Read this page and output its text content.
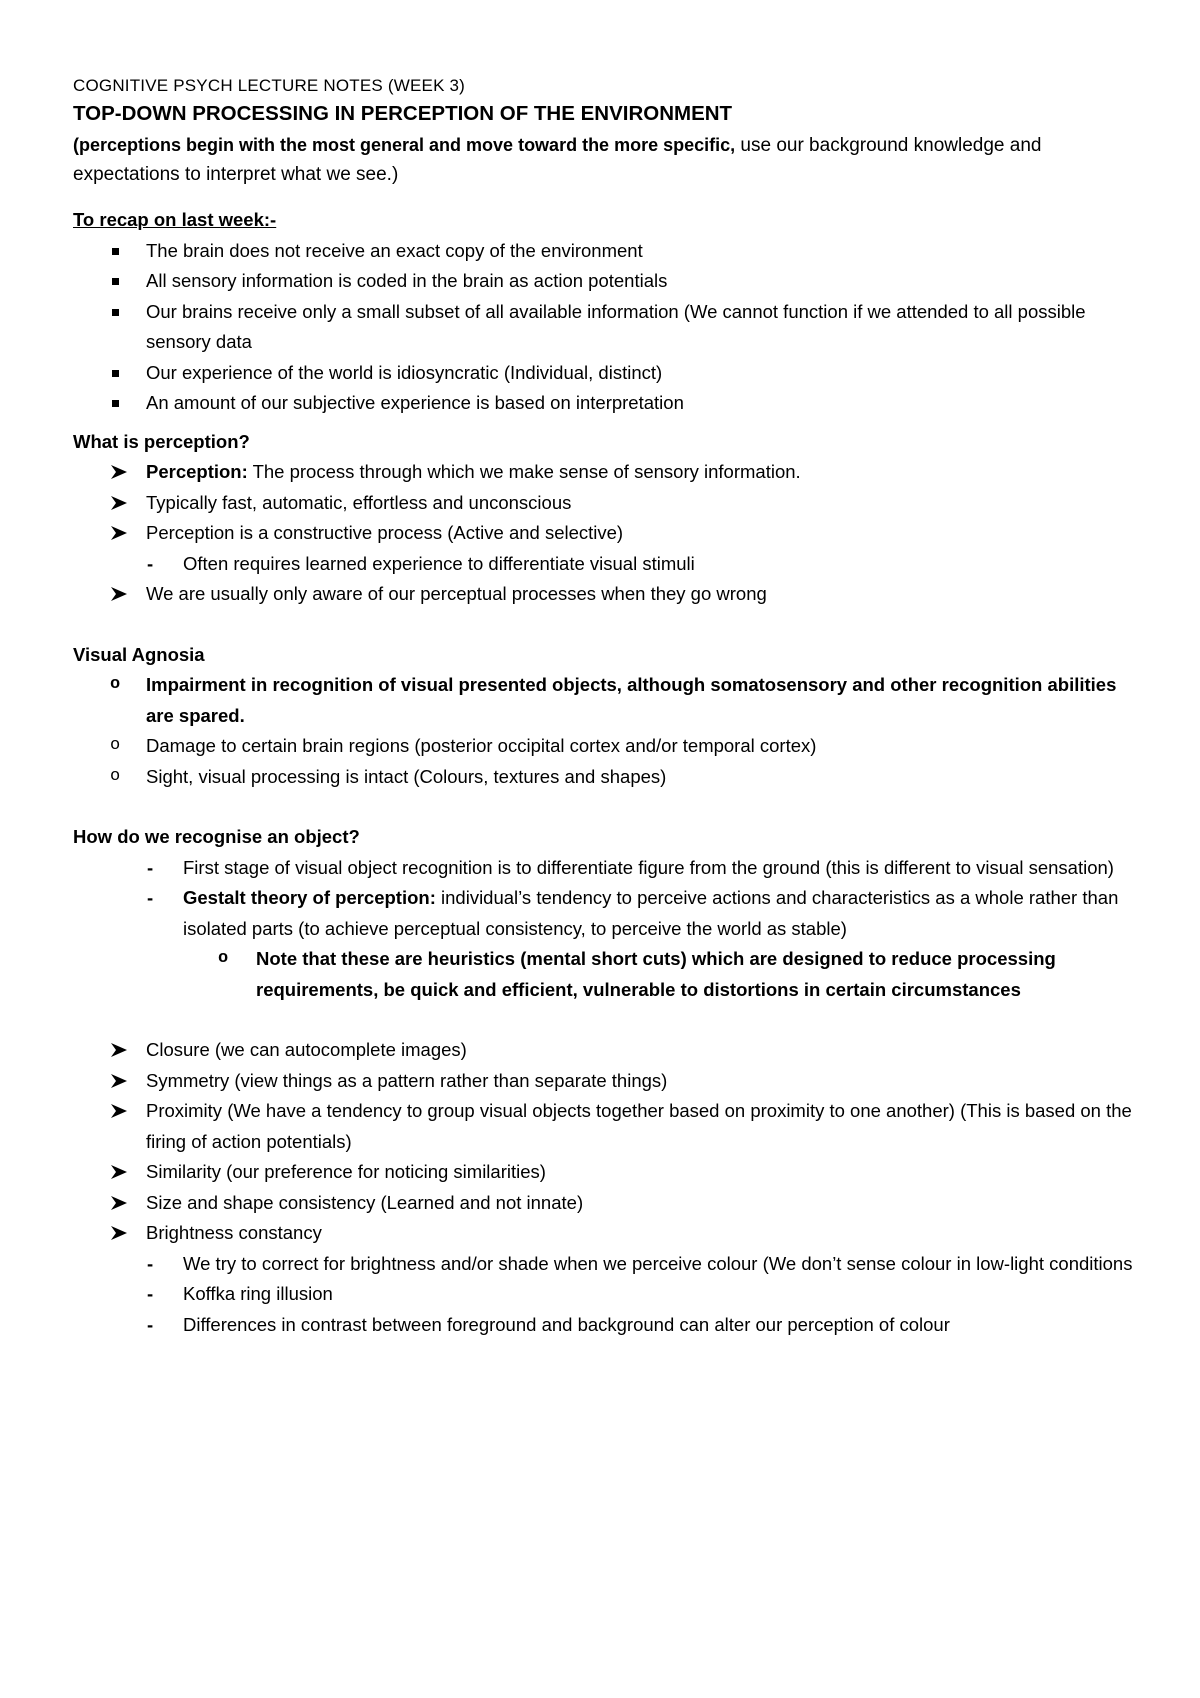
COGNITIVE PSYCH LECTURE NOTES (WEEK 3)
TOP-DOWN PROCESSING IN PERCEPTION OF THE ENVIRONMENT
(perceptions begin with the most general and move toward the more specific, use our background knowledge and expectations to interpret what we see.)
To recap on last week:-
The brain does not receive an exact copy of the environment
All sensory information is coded in the brain as action potentials
Our brains receive only a small subset of all available information (We cannot function if we attended to all possible sensory data
Our experience of the world is idiosyncratic (Individual, distinct)
An amount of our subjective experience is based on interpretation
What is perception?
Perception: The process through which we make sense of sensory information.
Typically fast, automatic, effortless and unconscious
Perception is a constructive process (Active and selective)
- Often requires learned experience to differentiate visual stimuli
We are usually only aware of our perceptual processes when they go wrong
Visual Agnosia
o Impairment in recognition of visual presented objects, although somatosensory and other recognition abilities are spared.
o Damage to certain brain regions (posterior occipital cortex and/or temporal cortex)
o Sight, visual processing is intact (Colours, textures and shapes)
How do we recognise an object?
- First stage of visual object recognition is to differentiate figure from the ground (this is different to visual sensation)
- Gestalt theory of perception: individual’s tendency to perceive actions and characteristics as a whole rather than isolated parts (to achieve perceptual consistency, to perceive the world as stable)
o Note that these are heuristics (mental short cuts) which are designed to reduce processing requirements, be quick and efficient, vulnerable to distortions in certain circumstances
Closure (we can autocomplete images)
Symmetry (view things as a pattern rather than separate things)
Proximity (We have a tendency to group visual objects together based on proximity to one another) (This is based on the firing of action potentials)
Similarity (our preference for noticing similarities)
Size and shape consistency (Learned and not innate)
Brightness constancy
- We try to correct for brightness and/or shade when we perceive colour (We don’t sense colour in low-light conditions
- Koffka ring illusion
- Differences in contrast between foreground and background can alter our perception of colour
